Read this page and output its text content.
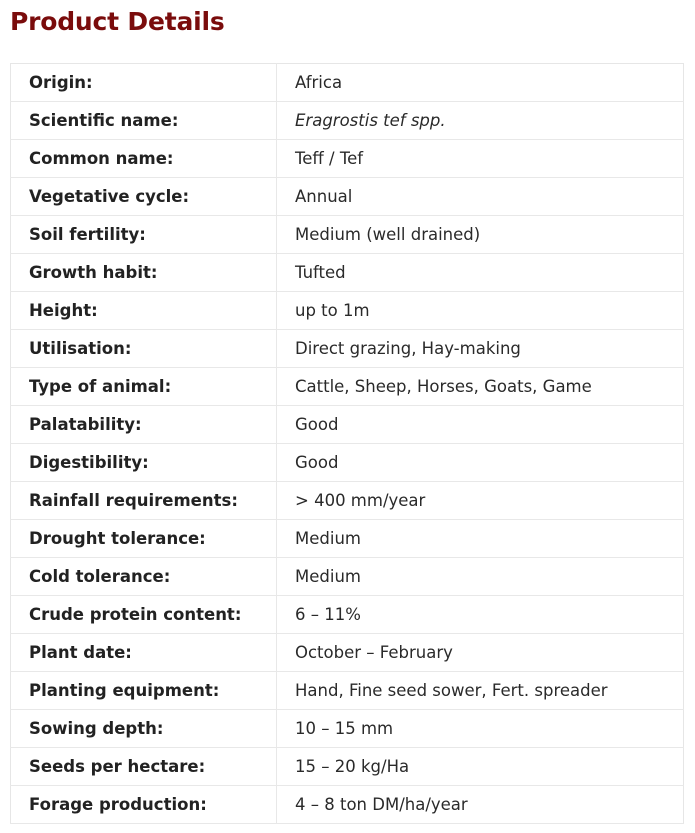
Product Details
Origin:	Africa
Scientific name:	Eragrostis tef spp.
Common name:	Teff / Tef
Vegetative cycle:	Annual
Soil fertility:	Medium (well drained)
Growth habit:	Tufted
Height:	up to 1m
Utilisation:	Direct grazing, Hay-making
Type of animal:	Cattle, Sheep, Horses, Goats, Game
Palatability:	Good
Digestibility:	Good
Rainfall requirements:	> 400 mm/year
Drought tolerance:	Medium
Cold tolerance:	Medium
Crude protein content:	6 – 11%
Plant date:	October – February
Planting equipment:	Hand, Fine seed sower, Fert. spreader
Sowing depth:	10 – 15 mm
Seeds per hectare:	15 – 20 kg/Ha
Forage production:	4 – 8 ton DM/ha/year
